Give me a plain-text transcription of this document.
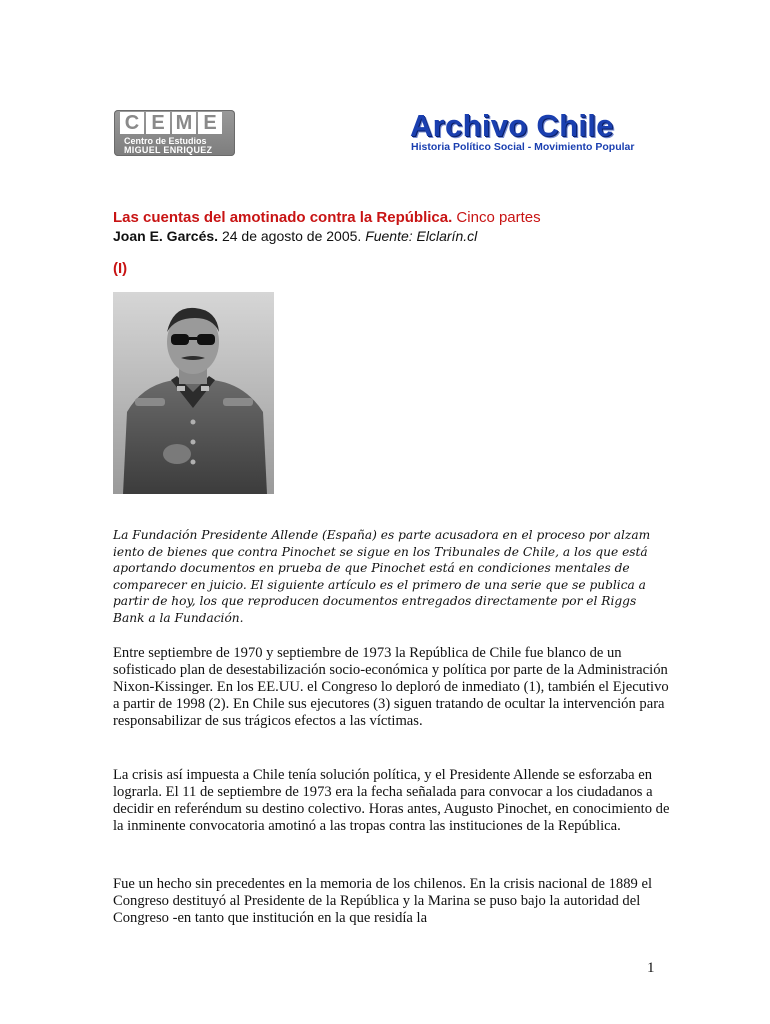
C E M E
Centro de Estudios
MIGUEL ENRIQUEZ
Archivo Chile
Historia Político Social - Movimiento Popular
Las cuentas del amotinado contra la República. Cinco partes
Joan E. Garcés. 24 de agosto de 2005. Fuente: Elclarín.cl
(I)
La Fundación Presidente Allende (España) es parte acusadora en el proceso por alzam iento de bienes que contra Pinochet se sigue en los Tribunales de Chile, a los que está aportando documentos en prueba de que Pinochet está en condiciones mentales de comparecer en juicio. El siguiente artículo es el primero de una serie que se publica a partir de hoy, los que reproducen documentos entregados directamente por el Riggs Bank a la Fundación.
Entre septiembre de 1970 y septiembre de 1973 la República de Chile fue blanco de un sofisticado plan de desestabilización socio-económica y política por parte de la Administración Nixon-Kissinger. En los EE.UU. el Congreso lo deploró de inmediato (1), también el Ejecutivo a partir de 1998 (2). En Chile sus ejecutores (3) siguen tratando de ocultar la intervención para responsabilizar de sus trágicos efectos a las víctimas.
La crisis así impuesta a Chile tenía solución política, y el Presidente Allende se esforzaba en lograrla. El 11 de septiembre de 1973 era la fecha señalada para convocar a los ciudadanos a decidir en referéndum su destino colectivo. Horas antes, Augusto Pinochet, en conocimiento de la inminente convocatoria amotinó a las tropas contra las instituciones de la República.
Fue un hecho sin precedentes en la memoria de los chilenos. En la crisis nacional de 1889 el Congreso destituyó al Presidente de la República y la Marina se puso bajo la autoridad del Congreso -en tanto que institución en la que residía la
1
